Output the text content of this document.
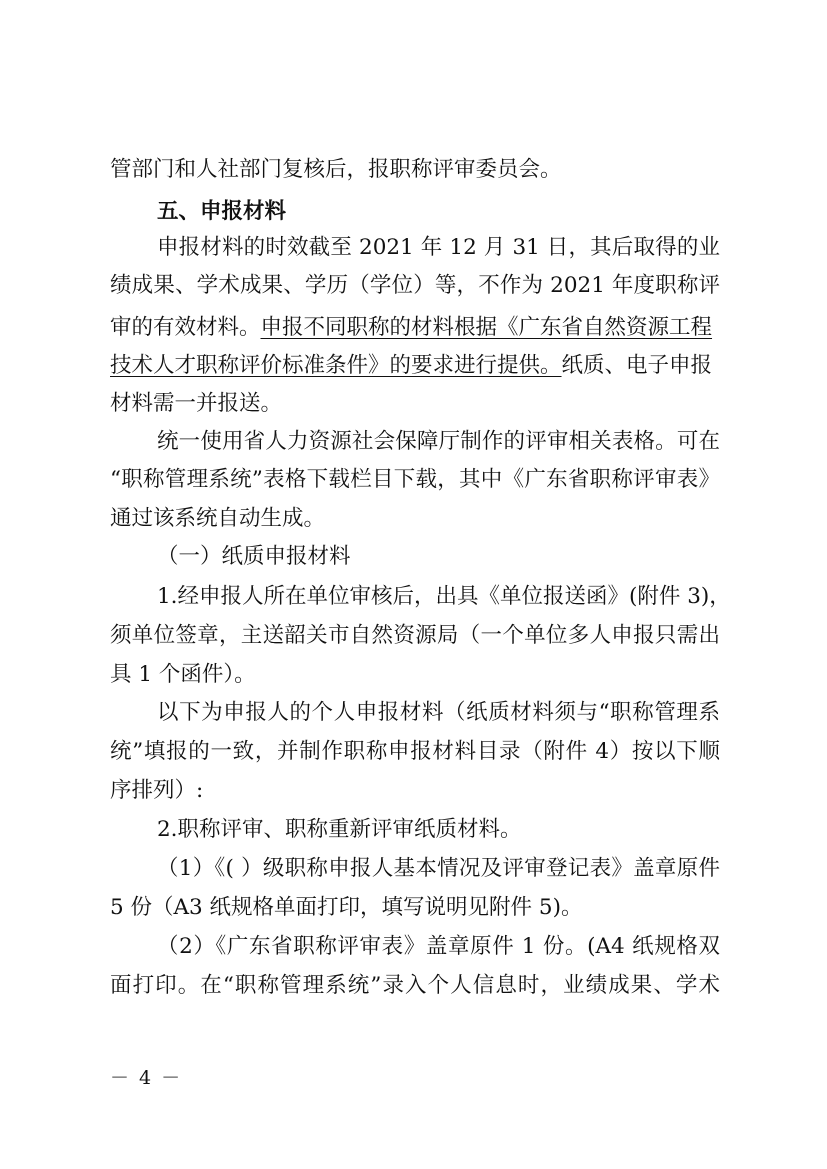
管部门和人社部门复核后，报职称评审委员会。
五、申报材料
申报材料的时效截至 2021 年 12 月 31 日，其后取得的业
绩成果、学术成果、学历（学位）等，不作为 2021 年度职称评
审的有效材料。申报不同职称的材料根据《广东省自然资源工程
技术人才职称评价标准条件》的要求进行提供。纸质、电子申报
材料需一并报送。
统一使用省人力资源社会保障厅制作的评审相关表格。可在
“职称管理系统”表格下载栏目下载，其中《广东省职称评审表》
通过该系统自动生成。
（一）纸质申报材料
1.经申报人所在单位审核后，出具《单位报送函》(附件 3)，
须单位签章，主送韶关市自然资源局（一个单位多人申报只需出
具 1 个函件）。
以下为申报人的个人申报材料（纸质材料须与“职称管理系
统”填报的一致，并制作职称申报材料目录（附件 4）按以下顺
序排列）:
2.职称评审、职称重新评审纸质材料。
（1）《( ）级职称申报人基本情况及评审登记表》盖章原件
5 份（A3 纸规格单面打印，填写说明见附件 5)。
（2）《广东省职称评审表》盖章原件 1 份。(A4 纸规格双
面打印。在“职称管理系统”录入个人信息时，业绩成果、学术
－ 4 －
